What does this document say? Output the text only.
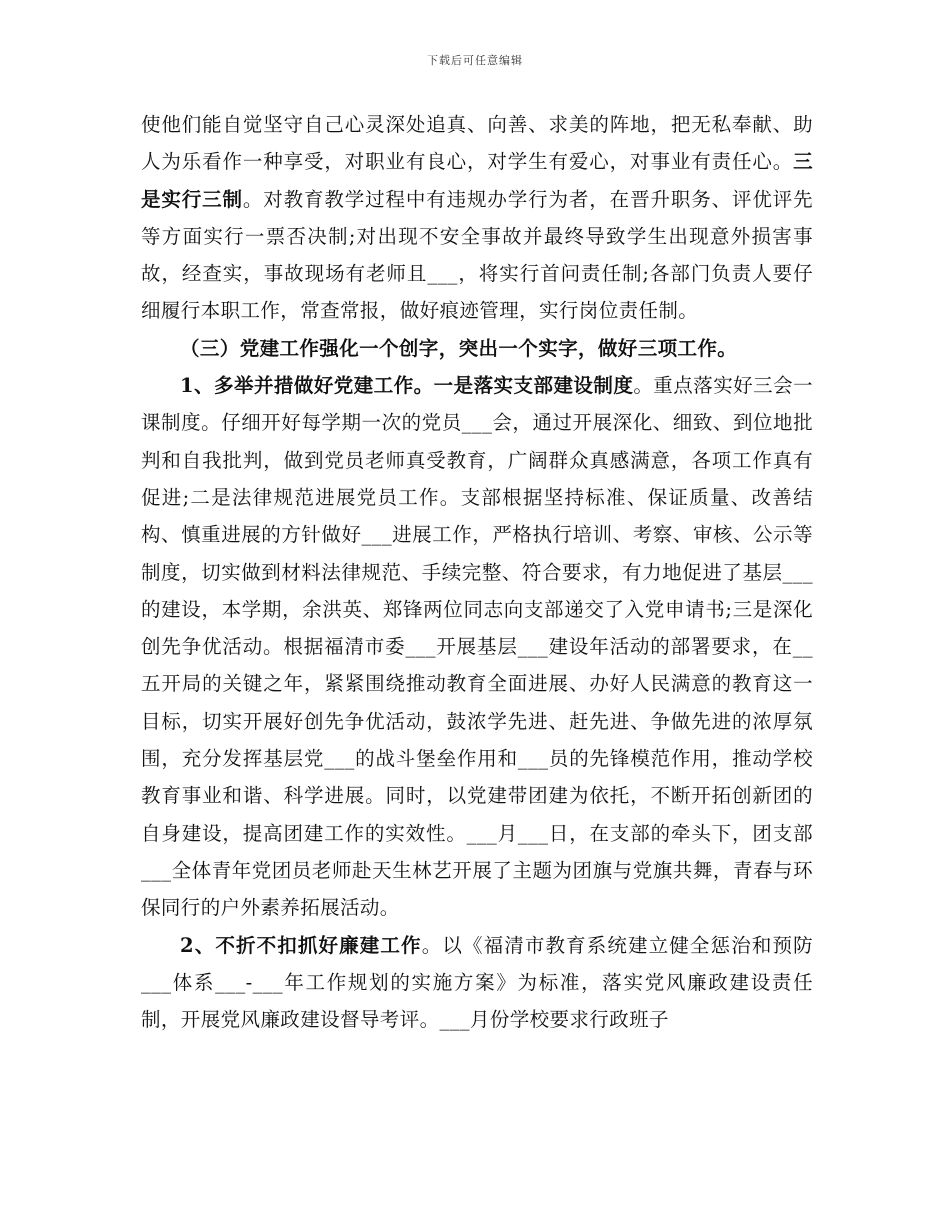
下载后可任意编辑

使他们能自觉坚守自己心灵深处追真、向善、求美的阵地，把无私奉献、助人为乐看作一种享受，对职业有良心，对学生有爱心，对事业有责任心。三是实行三制。对教育教学过程中有违规办学行为者，在晋升职务、评优评先等方面实行一票否决制;对出现不安全事故并最终导致学生出现意外损害事故，经查实，事故现场有老师且___，将实行首问责任制;各部门负责人要仔细履行本职工作，常查常报，做好痕迹管理，实行岗位责任制。

（三）党建工作强化一个创字，突出一个实字，做好三项工作。

1、多举并措做好党建工作。一是落实支部建设制度。重点落实好三会一课制度。仔细开好每学期一次的党员___会，通过开展深化、细致、到位地批判和自我批判，做到党员老师真受教育，广阔群众真感满意，各项工作真有促进;二是法律规范进展党员工作。支部根据坚持标准、保证质量、改善结构、慎重进展的方针做好___进展工作，严格执行培训、考察、审核、公示等制度，切实做到材料法律规范、手续完整、符合要求，有力地促进了基层___的建设，本学期，余洪英、郑锋两位同志向支部递交了入党申请书;三是深化创先争优活动。根据福清市委___开展基层___建设年活动的部署要求，在__五开局的关键之年，紧紧围绕推动教育全面进展、办好人民满意的教育这一目标，切实开展好创先争优活动，鼓浓学先进、赶先进、争做先进的浓厚氛围，充分发挥基层党___的战斗堡垒作用和___员的先锋模范作用，推动学校教育事业和谐、科学进展。同时，以党建带团建为依托，不断开拓创新团的自身建设，提高团建工作的实效性。___月___日，在支部的牵头下，团支部___全体青年党团员老师赴天生林艺开展了主题为团旗与党旗共舞，青春与环保同行的户外素养拓展活动。

2、不折不扣抓好廉建工作。以《福清市教育系统建立健全惩治和预防___体系___-___年工作规划的实施方案》为标准，落实党风廉政建设责任制，开展党风廉政建设督导考评。___月份学校要求行政班子
